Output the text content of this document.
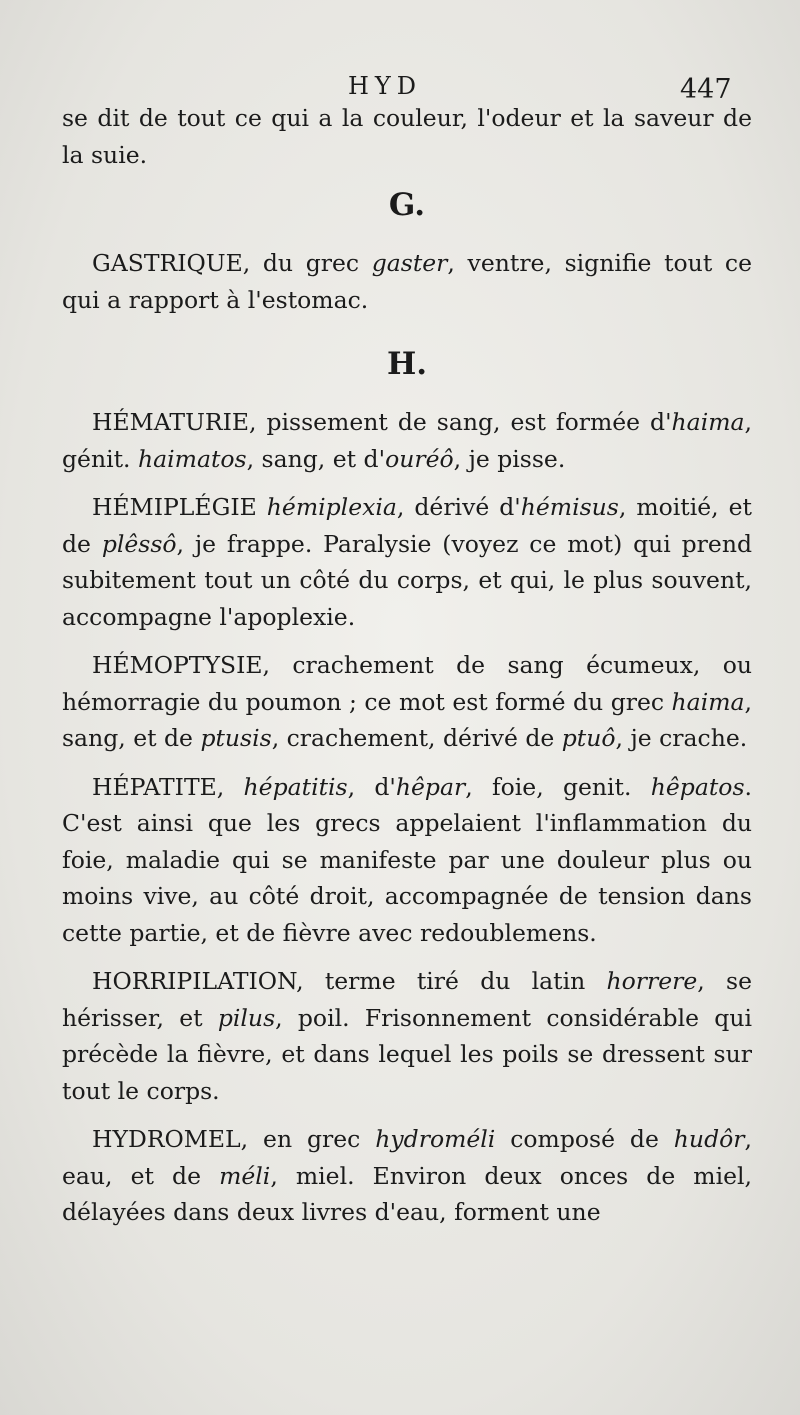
HYD	447

se dit de tout ce qui a la couleur, l'odeur et la saveur de la suie.

G.

GASTRIQUE, du grec gaster, ventre, signifie tout ce qui a rapport à l'estomac.

H.

HÉMATURIE, pissement de sang, est formée d'haima, génit. haimatos, sang, et d'ouréô, je pisse.

HÉMIPLÉGIE hémiplexia, dérivé d'hémisus, moitié, et de plêssô, je frappe. Paralysie (voyez ce mot) qui prend subitement tout un côté du corps, et qui, le plus souvent, accompagne l'apoplexie.

HÉMOPTYSIE, crachement de sang écumeux, ou hémorragie du poumon ; ce mot est formé du grec haima, sang, et de ptusis, crachement, dérivé de ptuô, je crache.

HÉPATITE, hépatitis, d'hêpar, foie, genit. hêpatos. C'est ainsi que les grecs appelaient l'inflammation du foie, maladie qui se manifeste par une douleur plus ou moins vive, au côté droit, accompagnée de tension dans cette partie, et de fièvre avec redoublemens.

HORRIPILATION, terme tiré du latin horrere, se hérisser, et pilus, poil. Frisonnement considérable qui précède la fièvre, et dans lequel les poils se dressent sur tout le corps.

HYDROMEL, en grec hydroméli composé de hudôr, eau, et de méli, miel. Environ deux onces de miel, délayées dans deux livres d'eau, forment une
